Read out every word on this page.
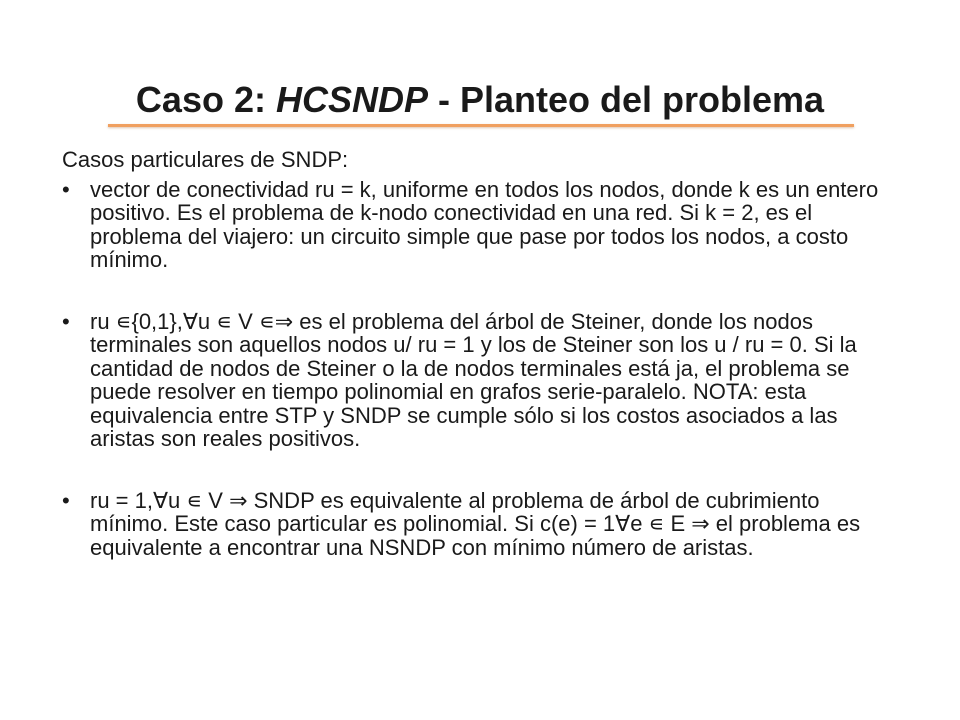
Caso 2: HCSNDP - Planteo del problema

Casos particulares de SNDP:

• vector de conectividad ru = k, uniforme en todos los nodos, donde k es un entero positivo. Es el problema de k-nodo conectividad en una red. Si k = 2, es el problema del viajero: un circuito simple que pase por todos los nodos, a costo mínimo.
• ru ∊{0,1},∀u ∊ V ∊⇒ es el problema del árbol de Steiner, donde los nodos terminales son aquellos nodos u/ ru = 1 y los de Steiner son los u / ru = 0. Si la cantidad de nodos de Steiner o la de nodos terminales está ja, el problema se puede resolver en tiempo polinomial en grafos serie-paralelo. NOTA: esta equivalencia entre STP y SNDP se cumple sólo si los costos asociados a las aristas son reales positivos.
• ru = 1,∀u ∊ V ⇒ SNDP es equivalente al problema de árbol de cubrimiento mínimo. Este caso particular es polinomial. Si c(e) = 1∀e ∊ E ⇒ el problema es equivalente a encontrar una NSNDP con mínimo número de aristas.
